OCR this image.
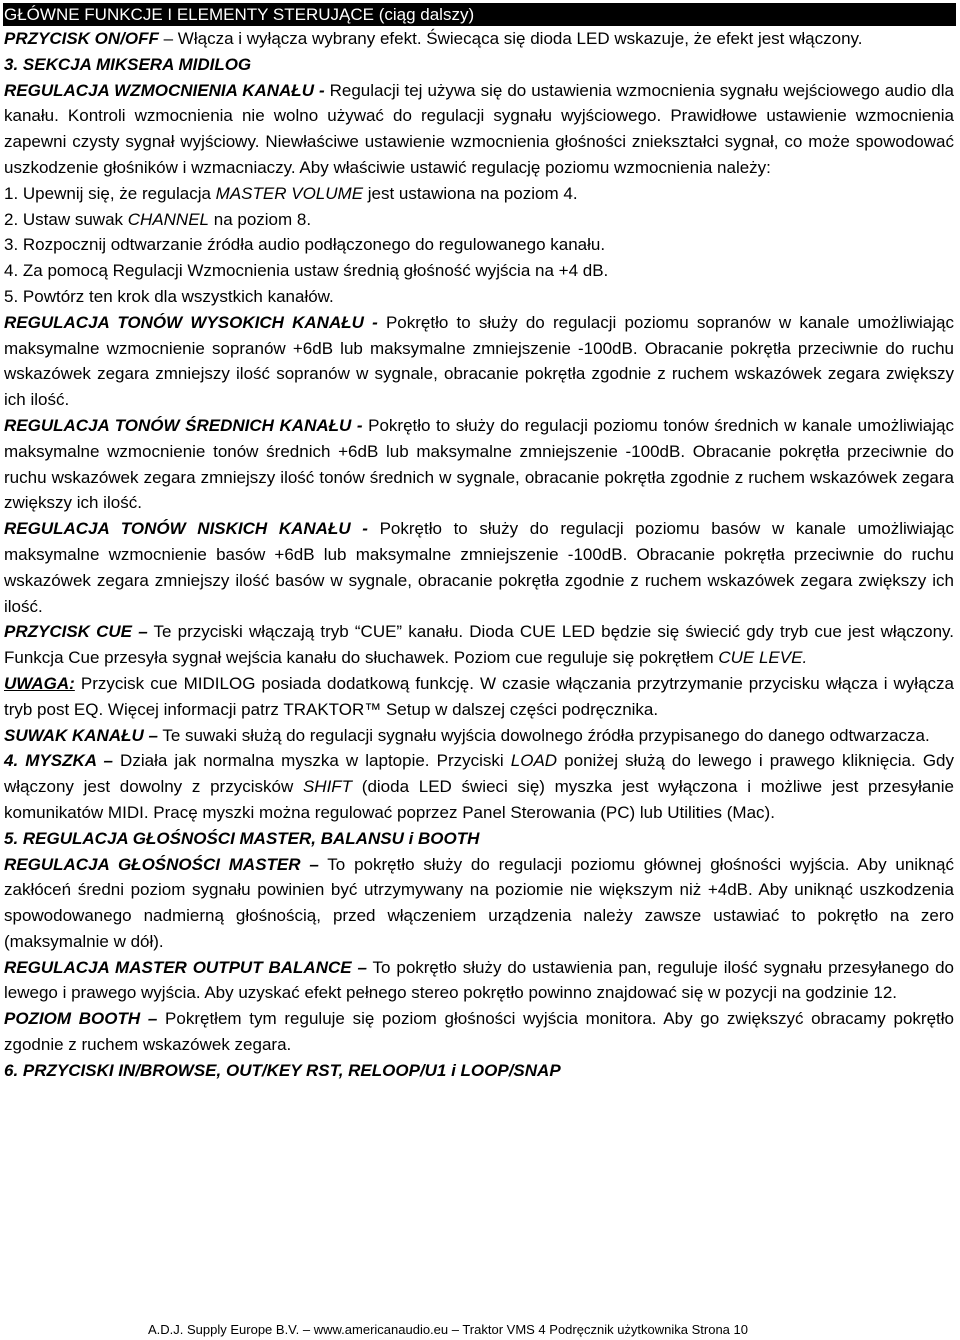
GŁÓWNE FUNKCJE I ELEMENTY STERUJĄCE (ciąg dalszy)

PRZYCISK ON/OFF – Włącza i wyłącza wybrany efekt. Świecąca się dioda LED wskazuje, że efekt jest włączony.

3. SEKCJA MIKSERA MIDILOG

REGULACJA WZMOCNIENIA KANAŁU - Regulacji tej używa się do ustawienia wzmocnienia sygnału wejściowego audio dla kanału. Kontroli wzmocnienia nie wolno używać do regulacji sygnału wyjściowego. Prawidłowe ustawienie wzmocnienia zapewni czysty sygnał wyjściowy. Niewłaściwe ustawienie wzmocnienia głośności zniekształci sygnał, co może spowodować uszkodzenie głośników i wzmacniaczy. Aby właściwie ustawić regulację poziomu wzmocnienia należy:

1. Upewnij się, że regulacja MASTER VOLUME jest ustawiona na poziom 4.

2. Ustaw suwak CHANNEL na poziom 8.

3. Rozpocznij odtwarzanie źródła audio podłączonego do regulowanego kanału.

4. Za pomocą Regulacji Wzmocnienia ustaw średnią głośność wyjścia na +4 dB.

5. Powtórz ten krok dla wszystkich kanałów.

REGULACJA TONÓW WYSOKICH KANAŁU - Pokrętło to służy do regulacji poziomu sopranów w kanale umożliwiając maksymalne wzmocnienie sopranów +6dB lub maksymalne zmniejszenie -100dB. Obracanie pokrętła przeciwnie do ruchu wskazówek zegara zmniejszy ilość sopranów w sygnale, obracanie pokrętła zgodnie z ruchem wskazówek zegara zwiększy ich ilość.

REGULACJA TONÓW ŚREDNICH KANAŁU - Pokrętło to służy do regulacji poziomu tonów średnich w kanale umożliwiając maksymalne wzmocnienie tonów średnich +6dB lub maksymalne zmniejszenie -100dB. Obracanie pokrętła przeciwnie do ruchu wskazówek zegara zmniejszy ilość tonów średnich w sygnale, obracanie pokrętła zgodnie z ruchem wskazówek zegara zwiększy ich ilość.

REGULACJA TONÓW NISKICH KANAŁU - Pokrętło to służy do regulacji poziomu basów w kanale umożliwiając maksymalne wzmocnienie basów +6dB lub maksymalne zmniejszenie -100dB. Obracanie pokrętła przeciwnie do ruchu wskazówek zegara zmniejszy ilość basów w sygnale, obracanie pokrętła zgodnie z ruchem wskazówek zegara zwiększy ich ilość.

PRZYCISK CUE – Te przyciski włączają tryb “CUE” kanału. Dioda CUE LED będzie się świecić gdy tryb cue jest włączony. Funkcja Cue przesyła sygnał wejścia kanału do słuchawek. Poziom cue reguluje się pokrętłem CUE LEVE.

UWAGA: Przycisk cue MIDILOG posiada dodatkową funkcję. W czasie włączania przytrzymanie przycisku włącza i wyłącza tryb post EQ. Więcej informacji patrz TRAKTOR™ Setup w dalszej części podręcznika.

SUWAK KANAŁU – Te suwaki służą do regulacji sygnału wyjścia dowolnego źródła przypisanego do danego odtwarzacza.

4. MYSZKA – Działa jak normalna myszka w laptopie. Przyciski LOAD poniżej służą do lewego i prawego kliknięcia. Gdy włączony jest dowolny z przycisków SHIFT (dioda LED świeci się) myszka jest wyłączona i możliwe jest przesyłanie komunikatów MIDI. Pracę myszki można regulować poprzez Panel Sterowania (PC) lub Utilities (Mac).

5. REGULACJA GŁOŚNOŚCI MASTER, BALANSU i BOOTH

REGULACJA GŁOŚNOŚCI MASTER – To pokrętło służy do regulacji poziomu głównej głośności wyjścia. Aby uniknąć zakłóceń średni poziom sygnału powinien być utrzymywany na poziomie nie większym niż +4dB. Aby uniknąć uszkodzenia spowodowanego nadmierną głośnością, przed włączeniem urządzenia należy zawsze ustawiać to pokrętło na zero (maksymalnie w dół).

REGULACJA MASTER OUTPUT BALANCE – To pokrętło służy do ustawienia pan, reguluje ilość sygnału przesyłanego do lewego i prawego wyjścia. Aby uzyskać efekt pełnego stereo pokrętło powinno znajdować się w pozycji na godzinie 12.

POZIOM BOOTH – Pokrętłem tym reguluje się poziom głośności wyjścia monitora. Aby go zwiększyć obracamy pokrętło zgodnie z ruchem wskazówek zegara.

6. PRZYCISKI IN/BROWSE, OUT/KEY RST, RELOOP/U1 i LOOP/SNAP

A.D.J. Supply Europe B.V. – www.americanaudio.eu – Traktor VMS 4 Podręcznik użytkownika Strona 10
